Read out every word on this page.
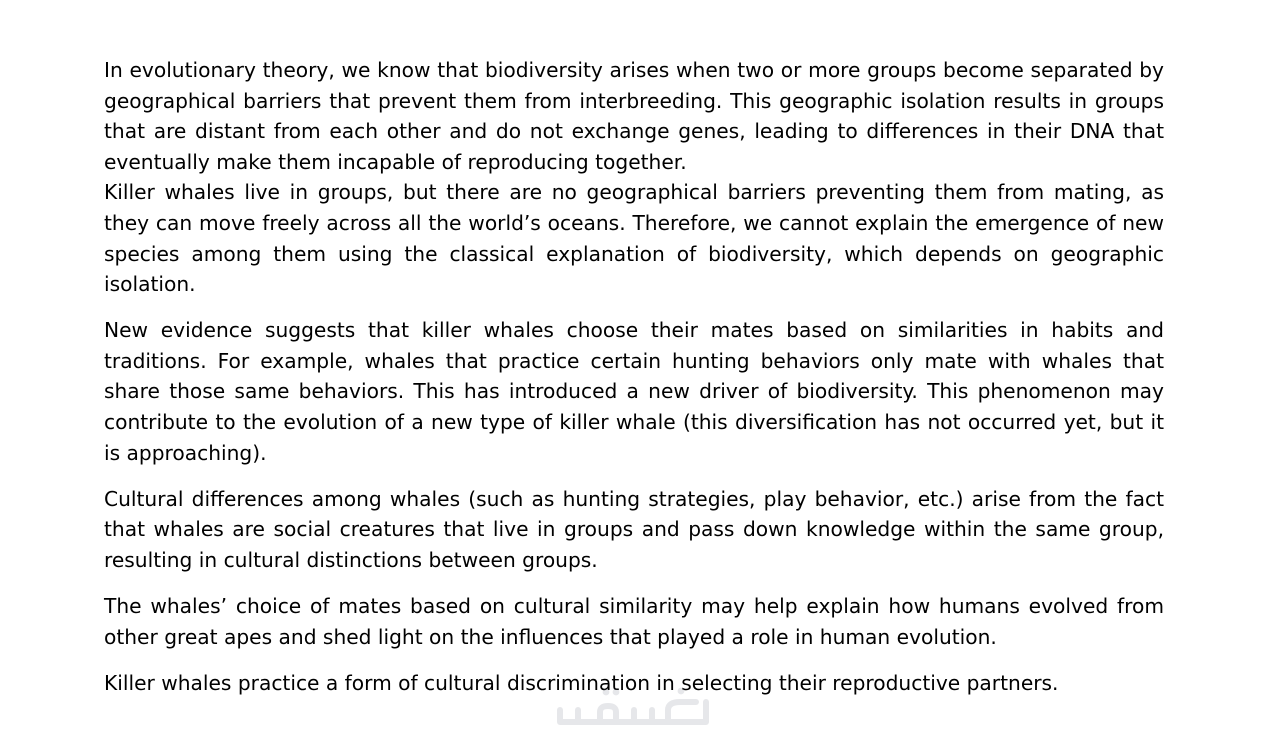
In evolutionary theory, we know that biodiversity arises when two or more groups become separated by geographical barriers that prevent them from interbreeding. This geographic isolation results in groups that are distant from each other and do not exchange genes, leading to differences in their DNA that eventually make them incapable of reproducing together.

Killer whales live in groups, but there are no geographical barriers preventing them from mating, as they can move freely across all the world’s oceans. Therefore, we cannot explain the emergence of new species among them using the classical explanation of biodiversity, which depends on geographic isolation.

New evidence suggests that killer whales choose their mates based on similarities in habits and traditions. For example, whales that practice certain hunting behaviors only mate with whales that share those same behaviors. This has introduced a new driver of biodiversity. This phenomenon may contribute to the evolution of a new type of killer whale (this diversification has not occurred yet, but it is approaching).

Cultural differences among whales (such as hunting strategies, play behavior, etc.) arise from the fact that whales are social creatures that live in groups and pass down knowledge within the same group, resulting in cultural distinctions between groups.

The whales’ choice of mates based on cultural similarity may help explain how humans evolved from other great apes and shed light on the influences that played a role in human evolution.

Killer whales practice a form of cultural discrimination in selecting their reproductive partners.
